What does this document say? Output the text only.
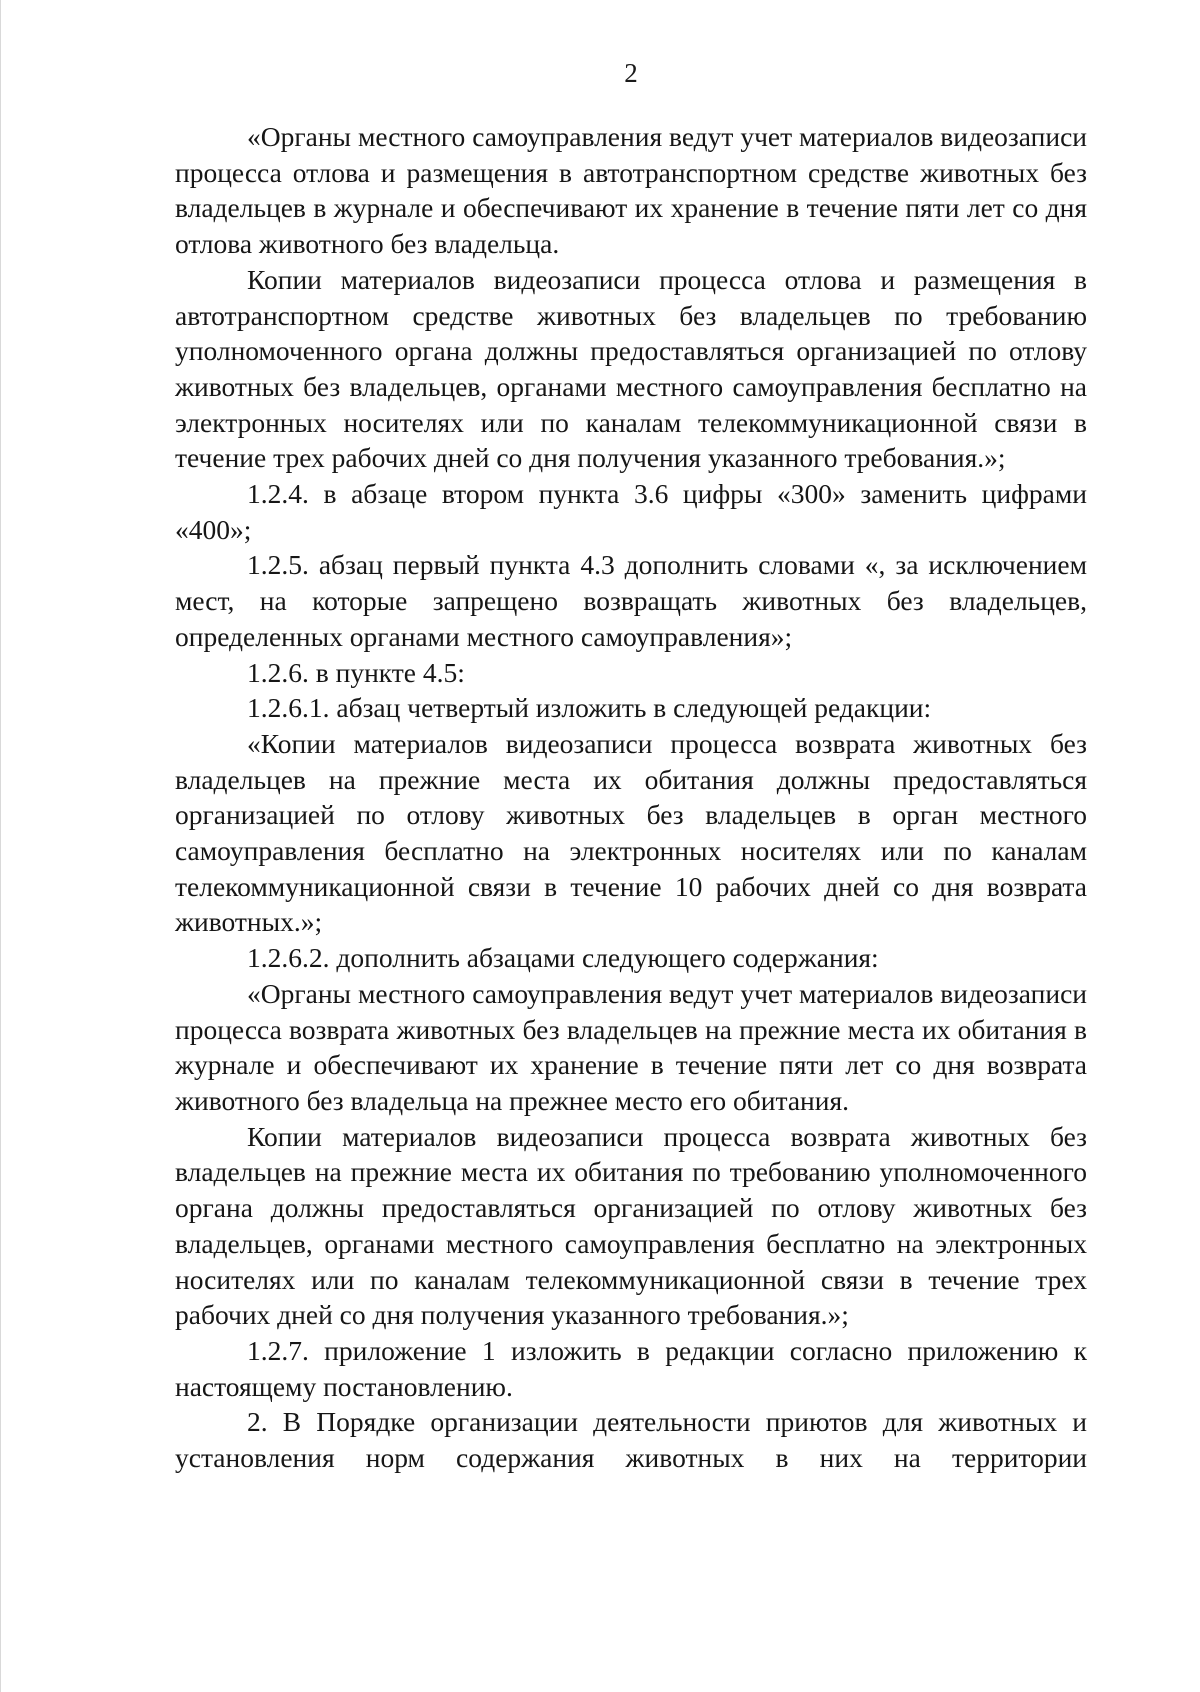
2

«Органы местного самоуправления ведут учет материалов видеозаписи процесса отлова и размещения в автотранспортном средстве животных без владельцев в журнале и обеспечивают их хранение в течение пяти лет со дня отлова животного без владельца.

Копии материалов видеозаписи процесса отлова и размещения в автотранспортном средстве животных без владельцев по требованию уполномоченного органа должны предоставляться организацией по отлову животных без владельцев, органами местного самоуправления бесплатно на электронных носителях или по каналам телекоммуникационной связи в течение трех рабочих дней со дня получения указанного требования.»;

1.2.4. в абзаце втором пункта 3.6 цифры «300» заменить цифрами «400»;

1.2.5. абзац первый пункта 4.3 дополнить словами «, за исключением мест, на которые запрещено возвращать животных без владельцев, определенных органами местного самоуправления»;

1.2.6. в пункте 4.5:

1.2.6.1. абзац четвертый изложить в следующей редакции:

«Копии материалов видеозаписи процесса возврата животных без владельцев на прежние места их обитания должны предоставляться организацией по отлову животных без владельцев в орган местного самоуправления бесплатно на электронных носителях или по каналам телекоммуникационной связи в течение 10 рабочих дней со дня возврата животных.»;

1.2.6.2. дополнить абзацами следующего содержания:

«Органы местного самоуправления ведут учет материалов видеозаписи процесса возврата животных без владельцев на прежние места их обитания в журнале и обеспечивают их хранение в течение пяти лет со дня возврата животного без владельца на прежнее место его обитания.

Копии материалов видеозаписи процесса возврата животных без владельцев на прежние места их обитания по требованию уполномоченного органа должны предоставляться организацией по отлову животных без владельцев, органами местного самоуправления бесплатно на электронных носителях или по каналам телекоммуникационной связи в течение трех рабочих дней со дня получения указанного требования.»;

1.2.7. приложение 1 изложить в редакции согласно приложению к настоящему постановлению.

2. В Порядке организации деятельности приютов для животных и установления норм содержания животных в них на территории
